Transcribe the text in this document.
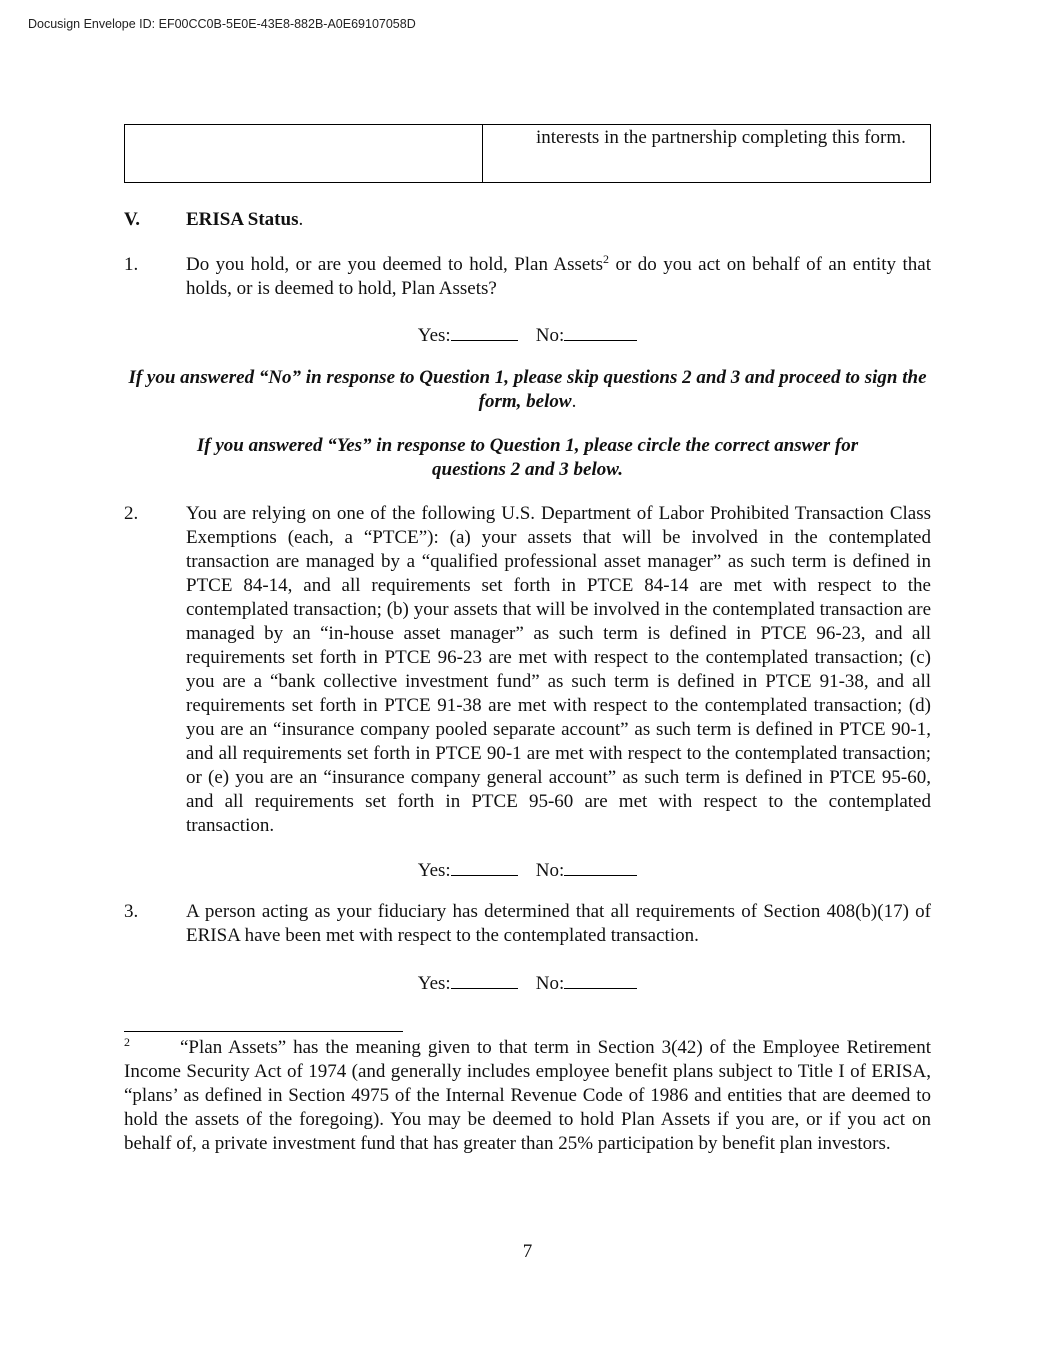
Docusign Envelope ID: EF00CC0B-5E0E-43E8-882B-A0E69107058D
interests in the partnership completing this form.
V.	ERISA Status.
1.	Do you hold, or are you deemed to hold, Plan Assets$^2$ or do you act on behalf of an entity that holds, or is deemed to hold, Plan Assets?
Yes:	No:
If you answered “No” in response to Question 1, please skip questions 2 and 3 and proceed to sign the form, below.
If you answered “Yes” in response to Question 1, please circle the correct answer for questions 2 and 3 below.
2.	You are relying on one of the following U.S. Department of Labor Prohibited Transaction Class Exemptions (each, a “PTCE”): (a) your assets that will be involved in the contemplated transaction are managed by a “qualified professional asset manager” as such term is defined in PTCE 84-14, and all requirements set forth in PTCE 84-14 are met with respect to the contemplated transaction; (b) your assets that will be involved in the contemplated transaction are managed by an “in-house asset manager” as such term is defined in PTCE 96-23, and all requirements set forth in PTCE 96-23 are met with respect to the contemplated transaction; (c) you are a “bank collective investment fund” as such term is defined in PTCE 91-38, and all requirements set forth in PTCE 91-38 are met with respect to the contemplated transaction; (d) you are an “insurance company pooled separate account” as such term is defined in PTCE 90-1, and all requirements set forth in PTCE 90-1 are met with respect to the contemplated transaction; or (e) you are an “insurance company general account” as such term is defined in PTCE 95-60, and all requirements set forth in PTCE 95-60 are met with respect to the contemplated transaction.
Yes:	No:
3.	A person acting as your fiduciary has determined that all requirements of Section 408(b)(17) of ERISA have been met with respect to the contemplated transaction.
Yes:	No:
$^2$	“Plan Assets” has the meaning given to that term in Section 3(42) of the Employee Retirement Income Security Act of 1974 (and generally includes employee benefit plans subject to Title I of ERISA, “plans’ as defined in Section 4975 of the Internal Revenue Code of 1986 and entities that are deemed to hold the assets of the foregoing). You may be deemed to hold Plan Assets if you are, or if you act on behalf of, a private investment fund that has greater than 25% participation by benefit plan investors.
7
